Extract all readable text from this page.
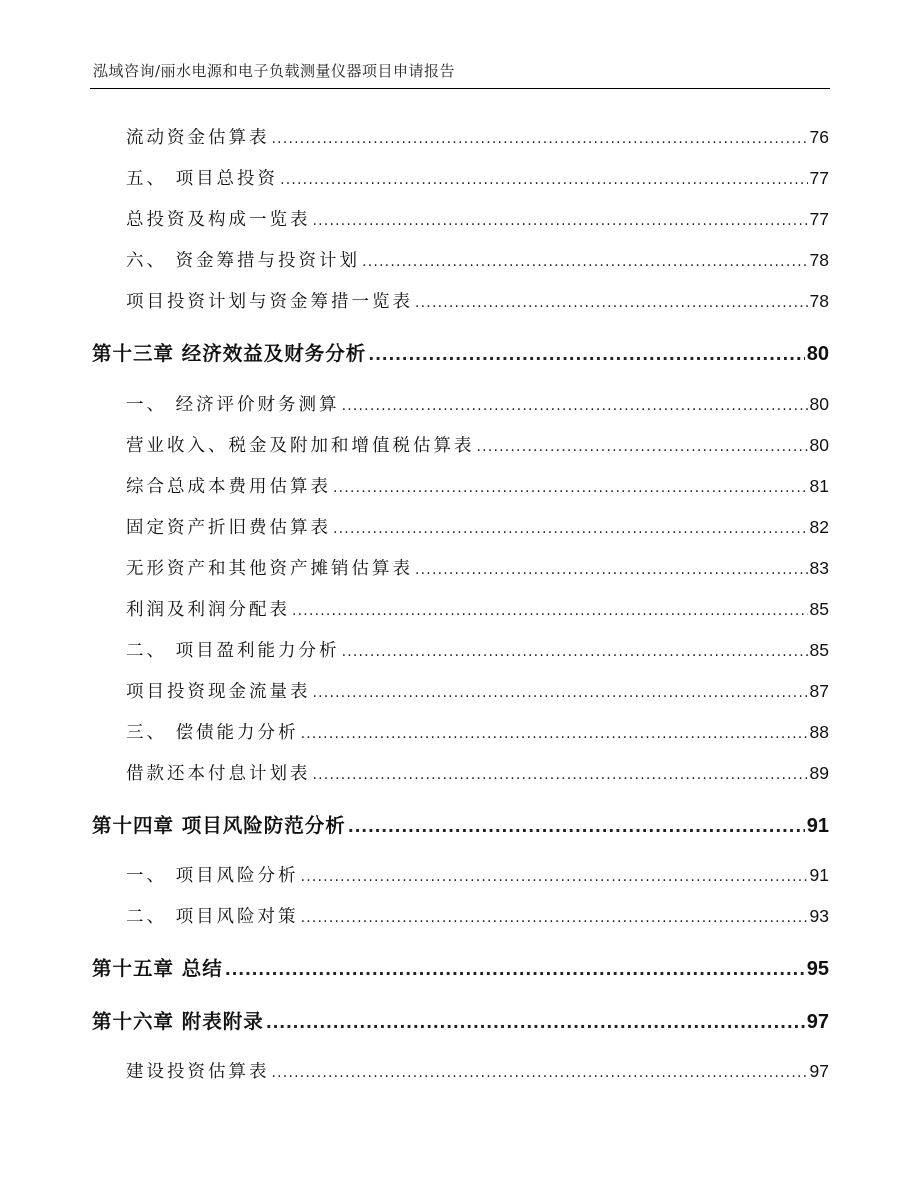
泓域咨询/丽水电源和电子负载测量仪器项目申请报告
流动资金估算表 .....	76
五、 项目总投资 .....	77
总投资及构成一览表 .....	77
六、 资金筹措与投资计划 .....	78
项目投资计划与资金筹措一览表 .....	78
第十三章 经济效益及财务分析 .....	80
一、 经济评价财务测算 .....	80
营业收入、税金及附加和增值税估算表 .....	80
综合总成本费用估算表 .....	81
固定资产折旧费估算表 .....	82
无形资产和其他资产摊销估算表 .....	83
利润及利润分配表 .....	85
二、 项目盈利能力分析 .....	85
项目投资现金流量表 .....	87
三、 偿债能力分析 .....	88
借款还本付息计划表 .....	89
第十四章 项目风险防范分析 .....	91
一、 项目风险分析 .....	91
二、 项目风险对策 .....	93
第十五章 总结 .....	95
第十六章 附表附录 .....	97
建设投资估算表 .....	97
